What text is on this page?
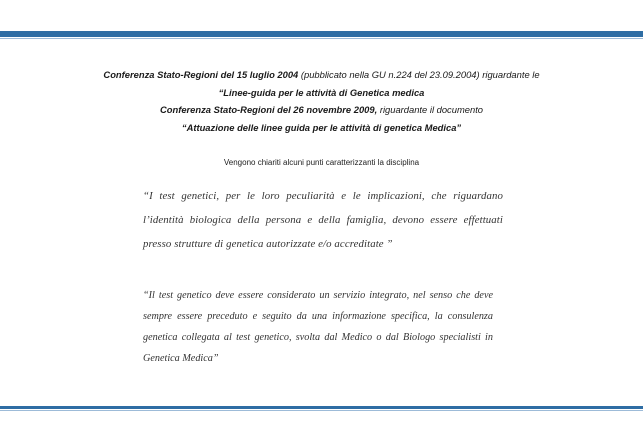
Conferenza Stato-Regioni del 15 luglio 2004 (pubblicato nella GU n.224 del 23.09.2004) riguardante le
“Linee-guida per le attività di Genetica medica
Conferenza Stato-Regioni del 26 novembre 2009, riguardante il documento
“Attuazione delle linee guida per le attività di genetica Medica”
Vengono chiariti alcuni punti caratterizzanti la disciplina
“I test genetici, per le loro peculiarità e le implicazioni, che riguardano l’identità biologica della persona e della famiglia, devono essere effettuati presso strutture di genetica autorizzate e/o accreditate ”
“Il test genetico deve essere considerato un servizio integrato, nel senso che deve sempre essere preceduto e seguito da una informazione specifica, la consulenza genetica collegata al test genetico, svolta dal Medico o dal Biologo specialisti in Genetica Medica”
